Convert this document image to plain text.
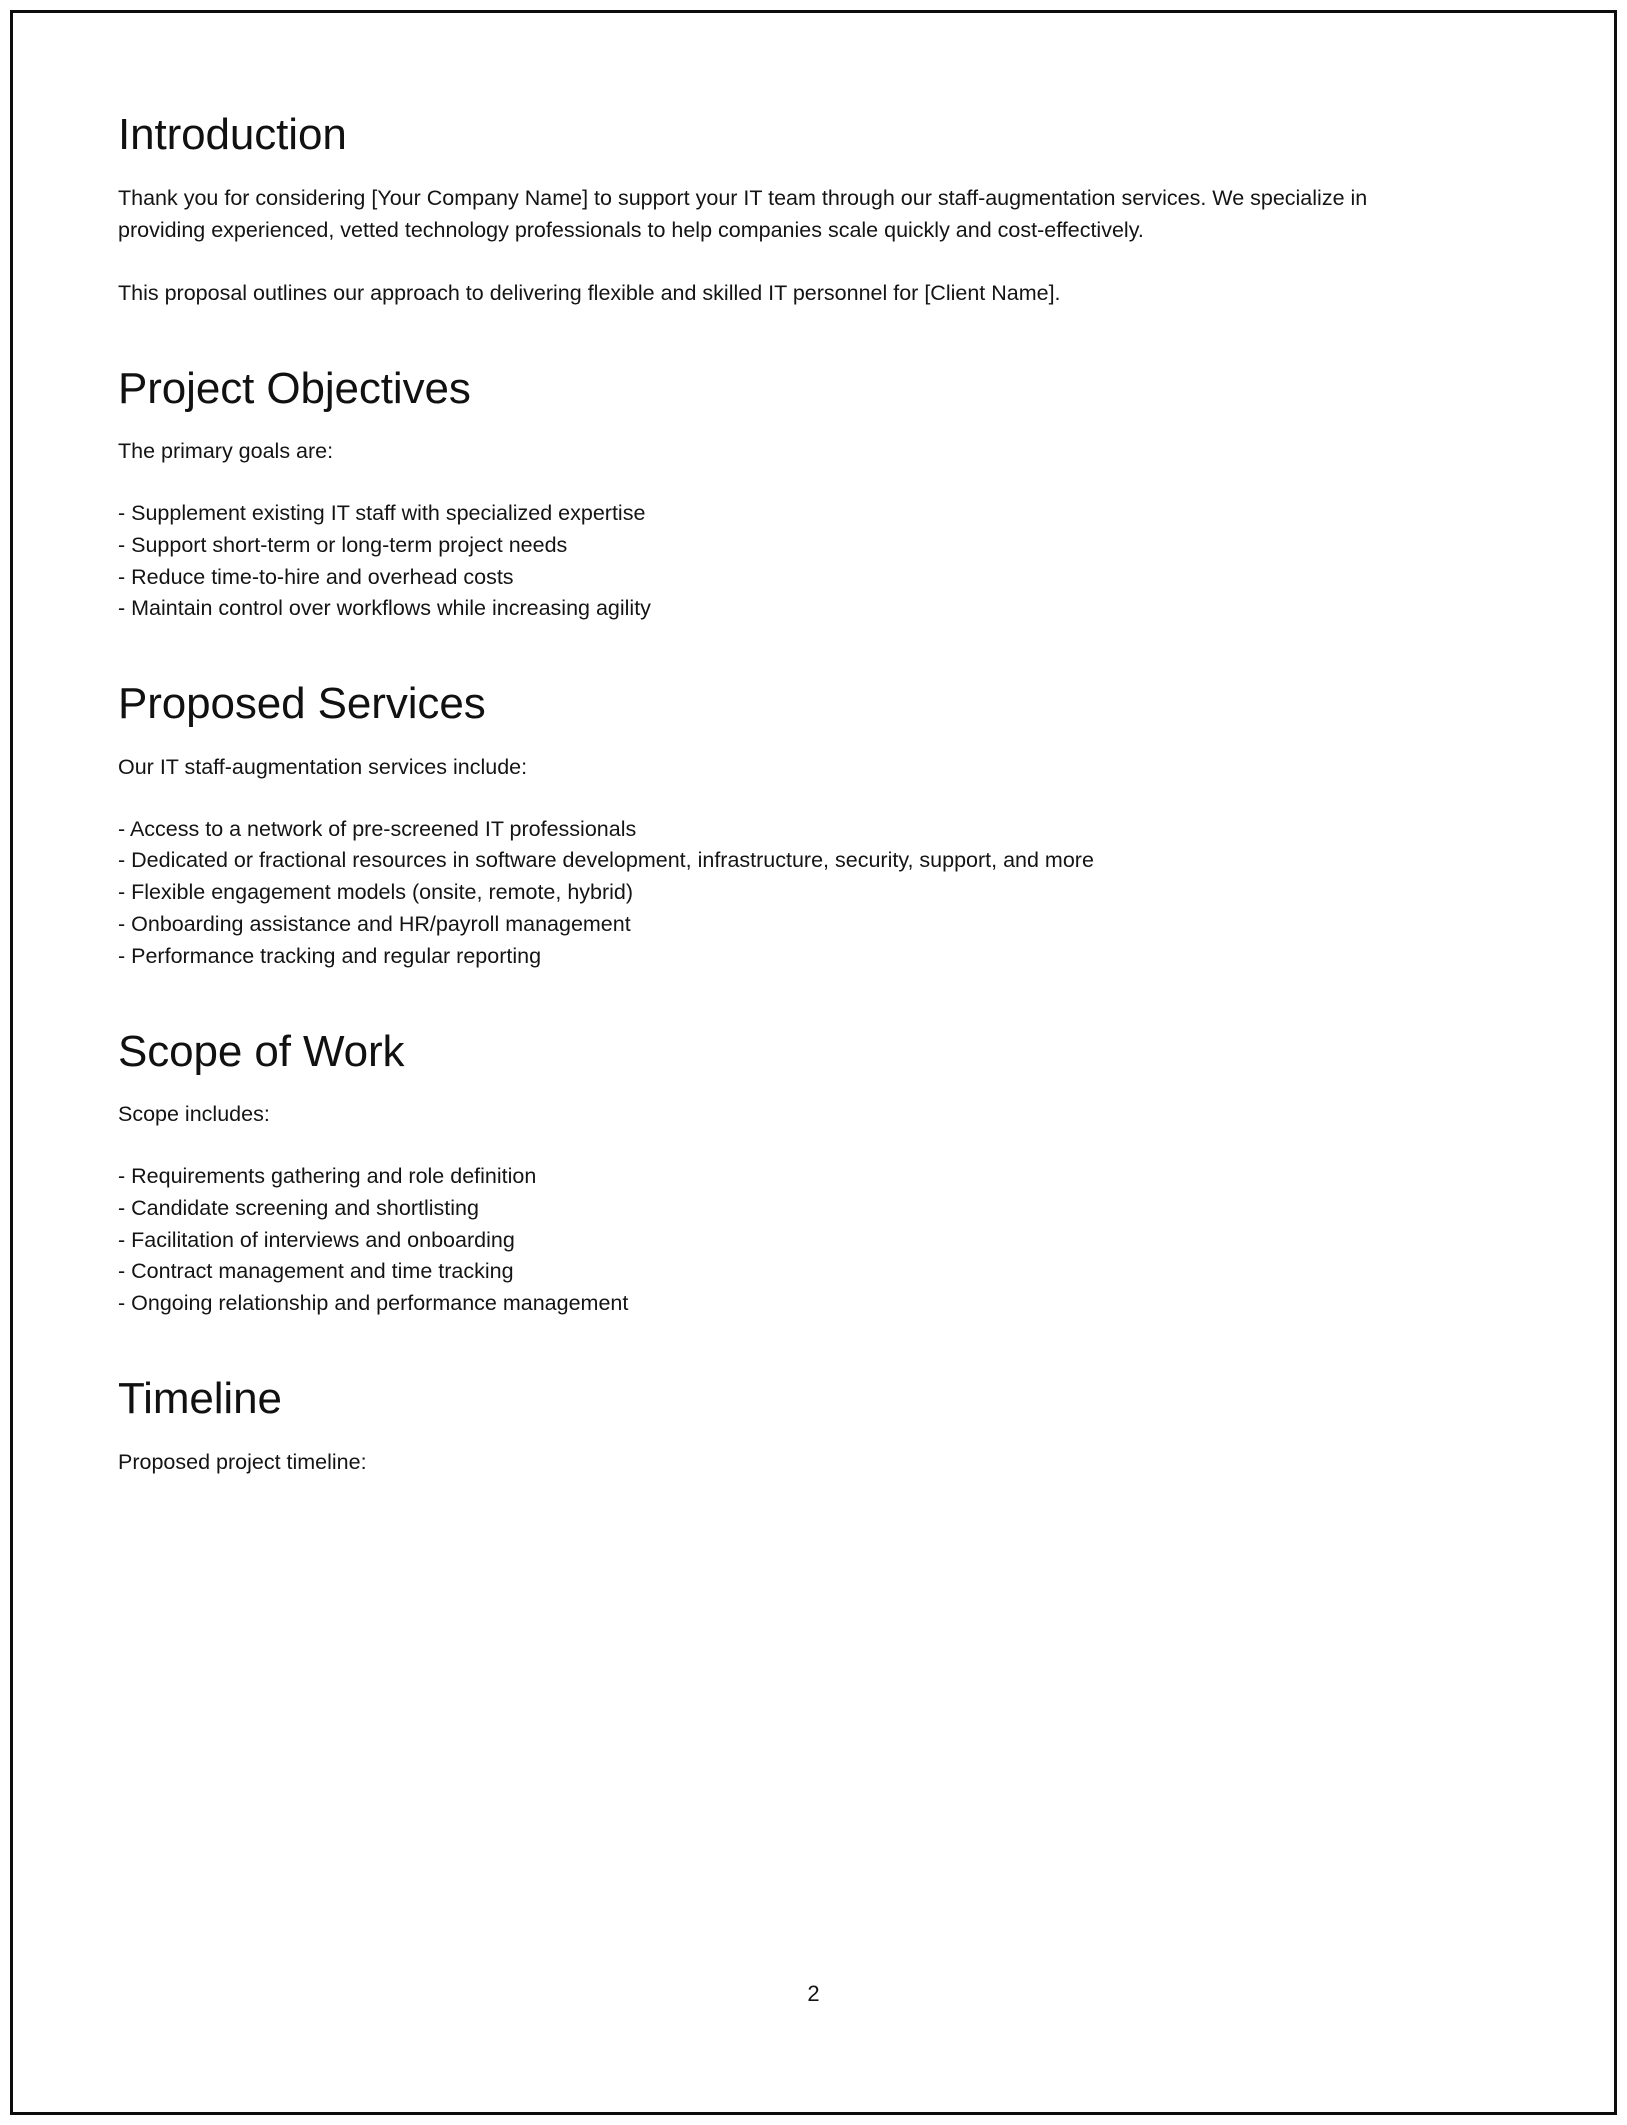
Introduction

Thank you for considering [Your Company Name] to support your IT team through our staff-augmentation services. We specialize in providing experienced, vetted technology professionals to help companies scale quickly and cost-effectively.

This proposal outlines our approach to delivering flexible and skilled IT personnel for [Client Name].

Project Objectives

The primary goals are:

- Supplement existing IT staff with specialized expertise
- Support short-term or long-term project needs
- Reduce time-to-hire and overhead costs
- Maintain control over workflows while increasing agility
Proposed Services

Our IT staff-augmentation services include:

- Access to a network of pre-screened IT professionals
- Dedicated or fractional resources in software development, infrastructure, security, support, and more
- Flexible engagement models (onsite, remote, hybrid)
- Onboarding assistance and HR/payroll management
- Performance tracking and regular reporting
Scope of Work

Scope includes:

- Requirements gathering and role definition
- Candidate screening and shortlisting
- Facilitation of interviews and onboarding
- Contract management and time tracking
- Ongoing relationship and performance management
Timeline

Proposed project timeline:

2
